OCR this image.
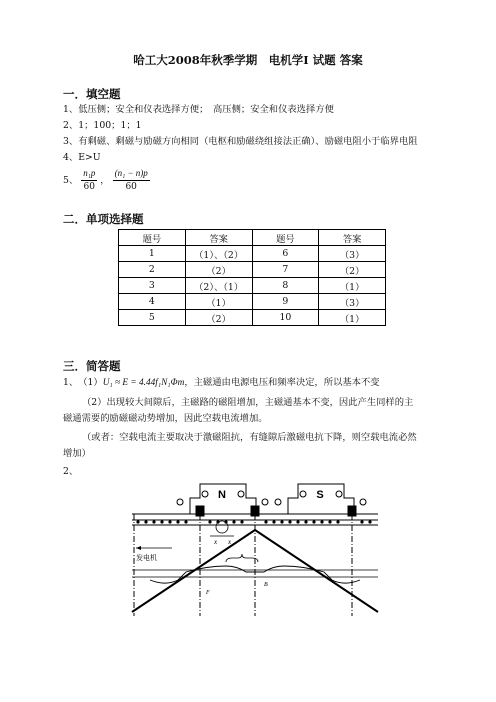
哈工大2008年秋季学期　电机学Ⅰ 试题 答案
一．填空题
1、低压侧；安全和仪表选择方便；　高压侧；安全和仪表选择方便
2、1；100；1；1
3、有剩磁、剩磁与励磁方向相同（电枢和励磁绕组接法正确）、励磁电阻小于临界电阻
4、E>U
5、 $\frac{\text{n₁p}}{60}$ ， $\frac{\text{(n₁ − n)p}}{60}$
二．单项选择题
题号	答案	题号	答案
1	（1）、（2）	6	（3）
2	（2）	7	（2）
3	（2）、（1）	8	（1）
4	（1）	9	（3）
5	（2）	10	（1）
三．简答题
1、　（1）U₁ ≈ E = 4.44f₁N₁Φm，主磁通由电源电压和频率决定，所以基本不变
（2）出现较大间隙后，主磁路的磁阻增加，主磁通基本不变，因此产生同样的主
磁通需要的励磁磁动势增加，因此空载电流增加。
（或者：空载电流主要取决于激磁阻抗，有缝隙后激磁电抗下降，则空载电流必然
增加）
2、
N	S
x x
发电机
B
F
